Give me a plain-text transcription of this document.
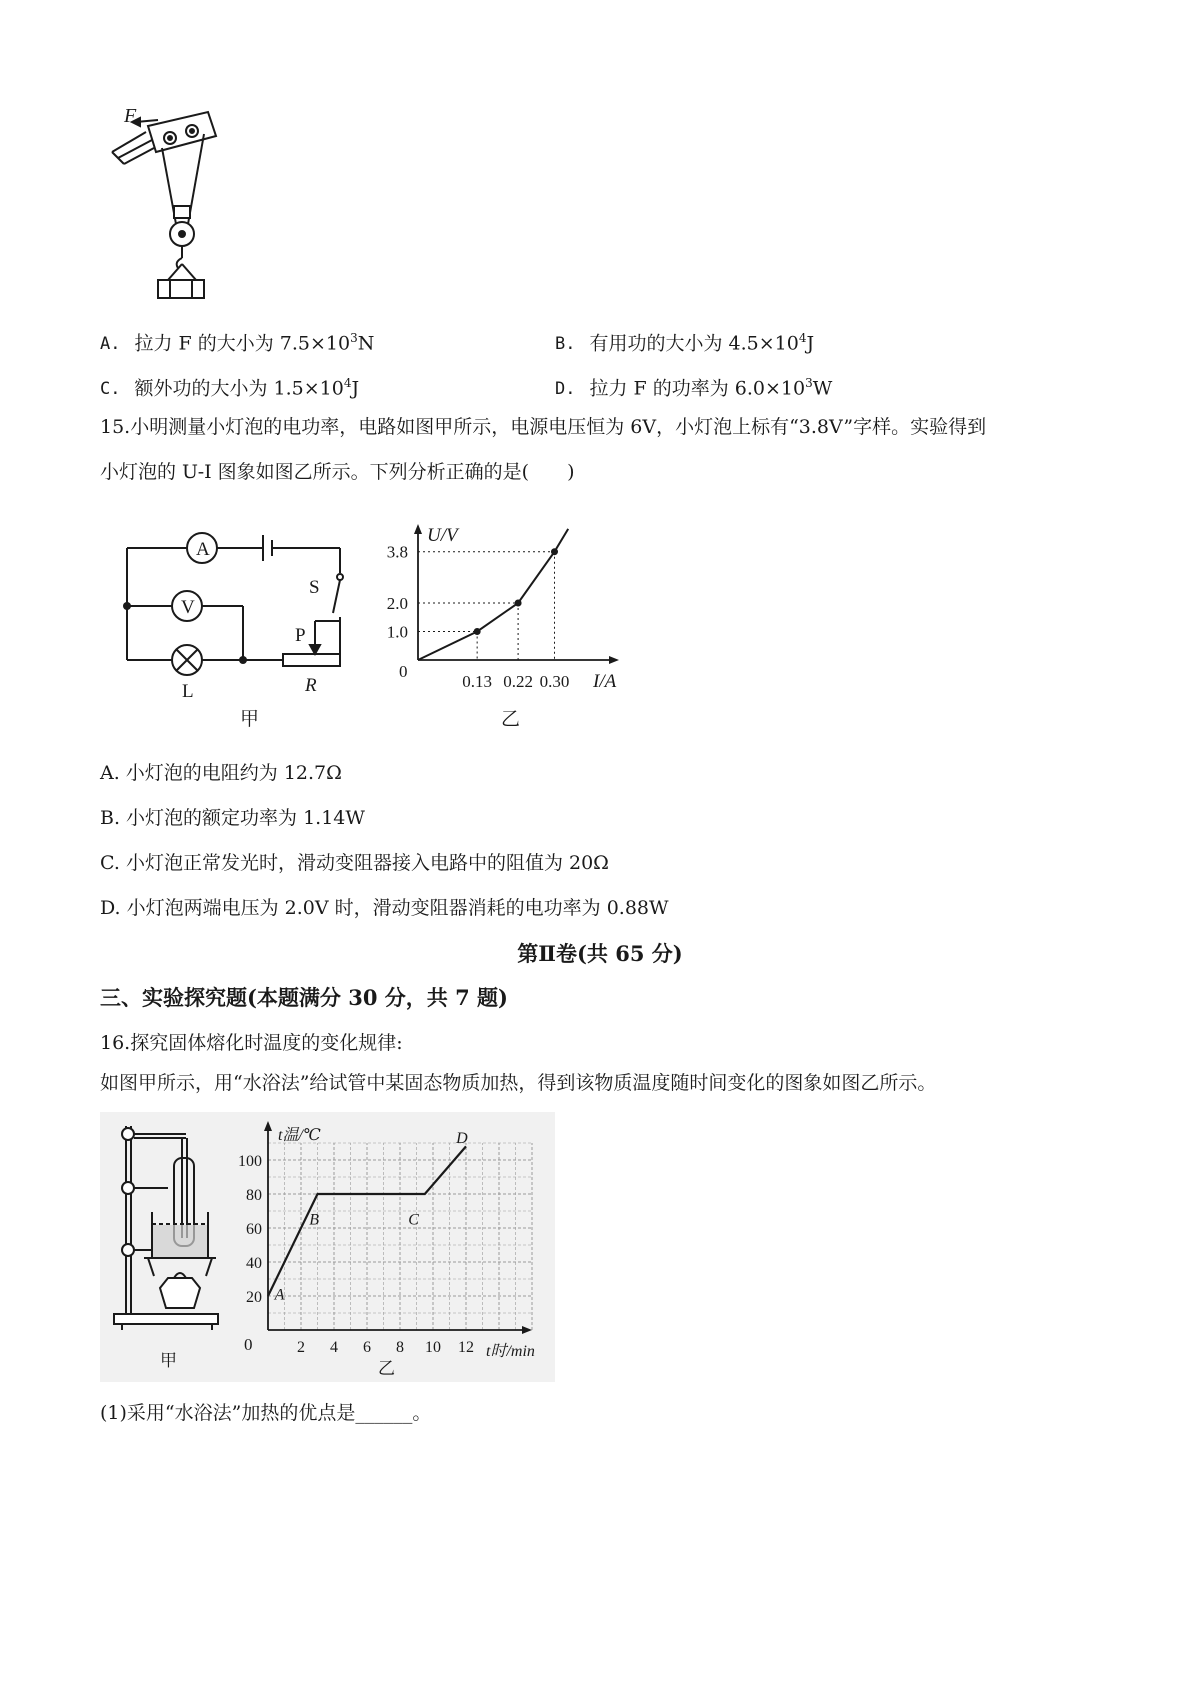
F
A. 拉力 F 的大小为 $7.5\times 10^3N$	B. 有用功的大小为 $4.5\times 10^4J$
C. 额外功的大小为 $1.5\times 10^4J$	D. 拉力 F 的功率为 $6.0\times 10^3W$
15.小明测量小灯泡的电功率，电路如图甲所示，电源电压恒为 6V，小灯泡上标有“3.8V”字样。实验得到
小灯泡的 U-I 图象如图乙所示。下列分析正确的是(　　)
A
V
S
P
L	R
甲
U/V
I/A
0
1.0
2.0
3.8
0.13 0.22 0.30
乙
A. 小灯泡的电阻约为 12.7Ω
B. 小灯泡的额定功率为 1.14W
C. 小灯泡正常发光时，滑动变阻器接入电路中的阻值为 20Ω
D. 小灯泡两端电压为 2.0V 时，滑动变阻器消耗的电功率为 0.88W
第Ⅱ卷(共 65 分)
三、实验探究题(本题满分 30 分，共 7 题)
16.探究固体熔化时温度的变化规律:
如图甲所示，用“水浴法”给试管中某固态物质加热，得到该物质温度随时间变化的图象如图乙所示。
甲
t温/℃
t时/min
0
20
40
60
80
100
2 4 6 8 10 12
A
B	C
D
乙
(1)采用“水浴法”加热的优点是______。
